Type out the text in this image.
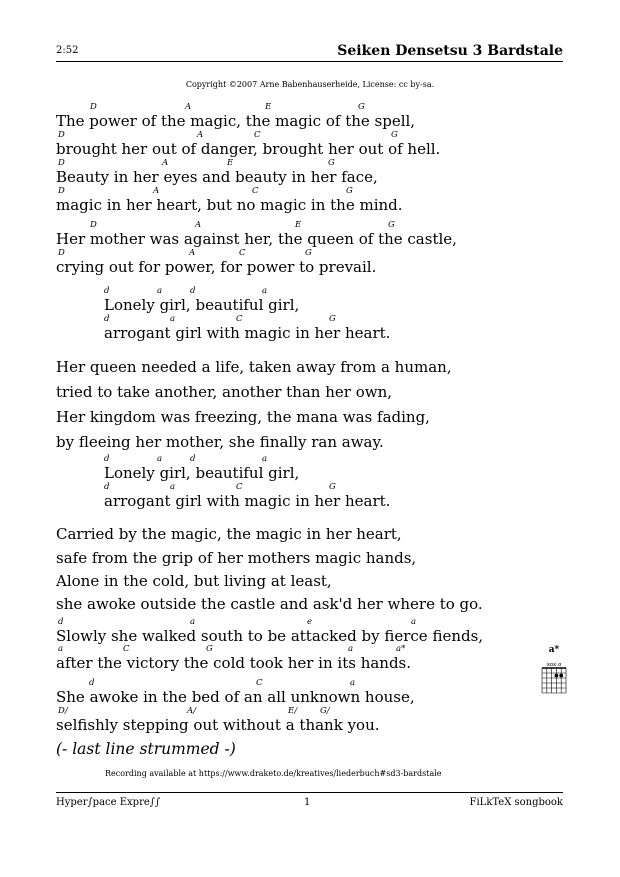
2:52	Seiken Densetsu 3 Bardstale
Copyright ©2007 Arne Babenhauserheide, License: cc by-sa.
D	A	E	G
The power of the magic, the magic of the spell,
D	A	C	G
brought her out of danger, brought her out of hell.
D	A	E	G
Beauty in her eyes and beauty in her face,
D	A	C	G
magic in her heart, but no magic in the mind.
D	A	E	G
Her mother was against her, the queen of the castle,
D	A	C	G
crying out for power, for power to prevail.
d	a	d	a
Lonely girl, beautiful girl,
d	a	C	G
arrogant girl with magic in her heart.
Her queen needed a life, taken away from a human,
tried to take another, another than her own,
Her kingdom was freezing, the mana was fading,
by fleeing her mother, she finally ran away.
d	a	d	a
Lonely girl, beautiful girl,
d	a	C	G
arrogant girl with magic in her heart.
Carried by the magic, the magic in her heart,
safe from the grip of her mothers magic hands,
Alone in the cold, but living at least,
she awoke outside the castle and ask'd her where to go.
d	a	e	a
Slowly she walked south to be attacked by fierce fiends,
a	C	G	a	a*
after the victory the cold took her in its hands.
d	C	a
She awoke in the bed of an all unknown house,
D/	A/	E/	G/
selfishly stepping out without a thank you.
a*
xox o
(- last line strummed -)
Recording available at https://www.draketo.de/kreatives/liederbuch#sd3-bardstale
Hyper∫pace Expre∫∫	1	FiLkTeX songbook
